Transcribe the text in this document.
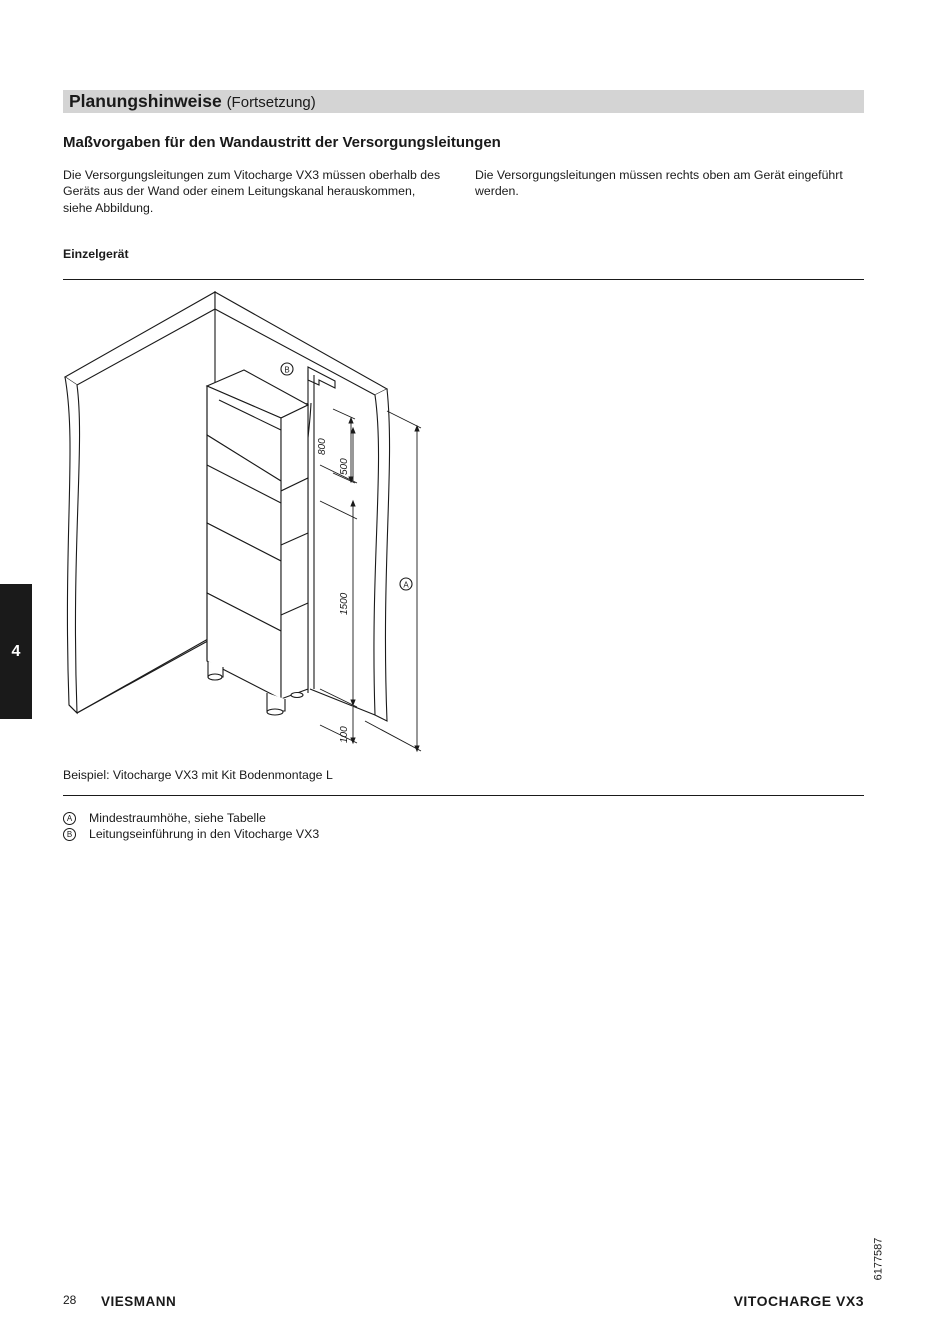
Planungshinweise (Fortsetzung)
Maßvorgaben für den Wandaustritt der Versorgungsleitungen
Die Versorgungsleitungen zum Vitocharge VX3 müssen oberhalb des Geräts aus der Wand oder einem Leitungskanal herauskommen, siehe Abbildung.
Die Versorgungsleitungen müssen rechts oben am Gerät eingeführt werden.
Einzelgerät
800
500
1500
100
B
A
Beispiel: Vitocharge VX3 mit Kit Bodenmontage L
A	Mindestraumhöhe, siehe Tabelle
B	Leitungseinführung in den Vitocharge VX3
4
28 VIESMANN	VITOCHARGE VX3
6177587
